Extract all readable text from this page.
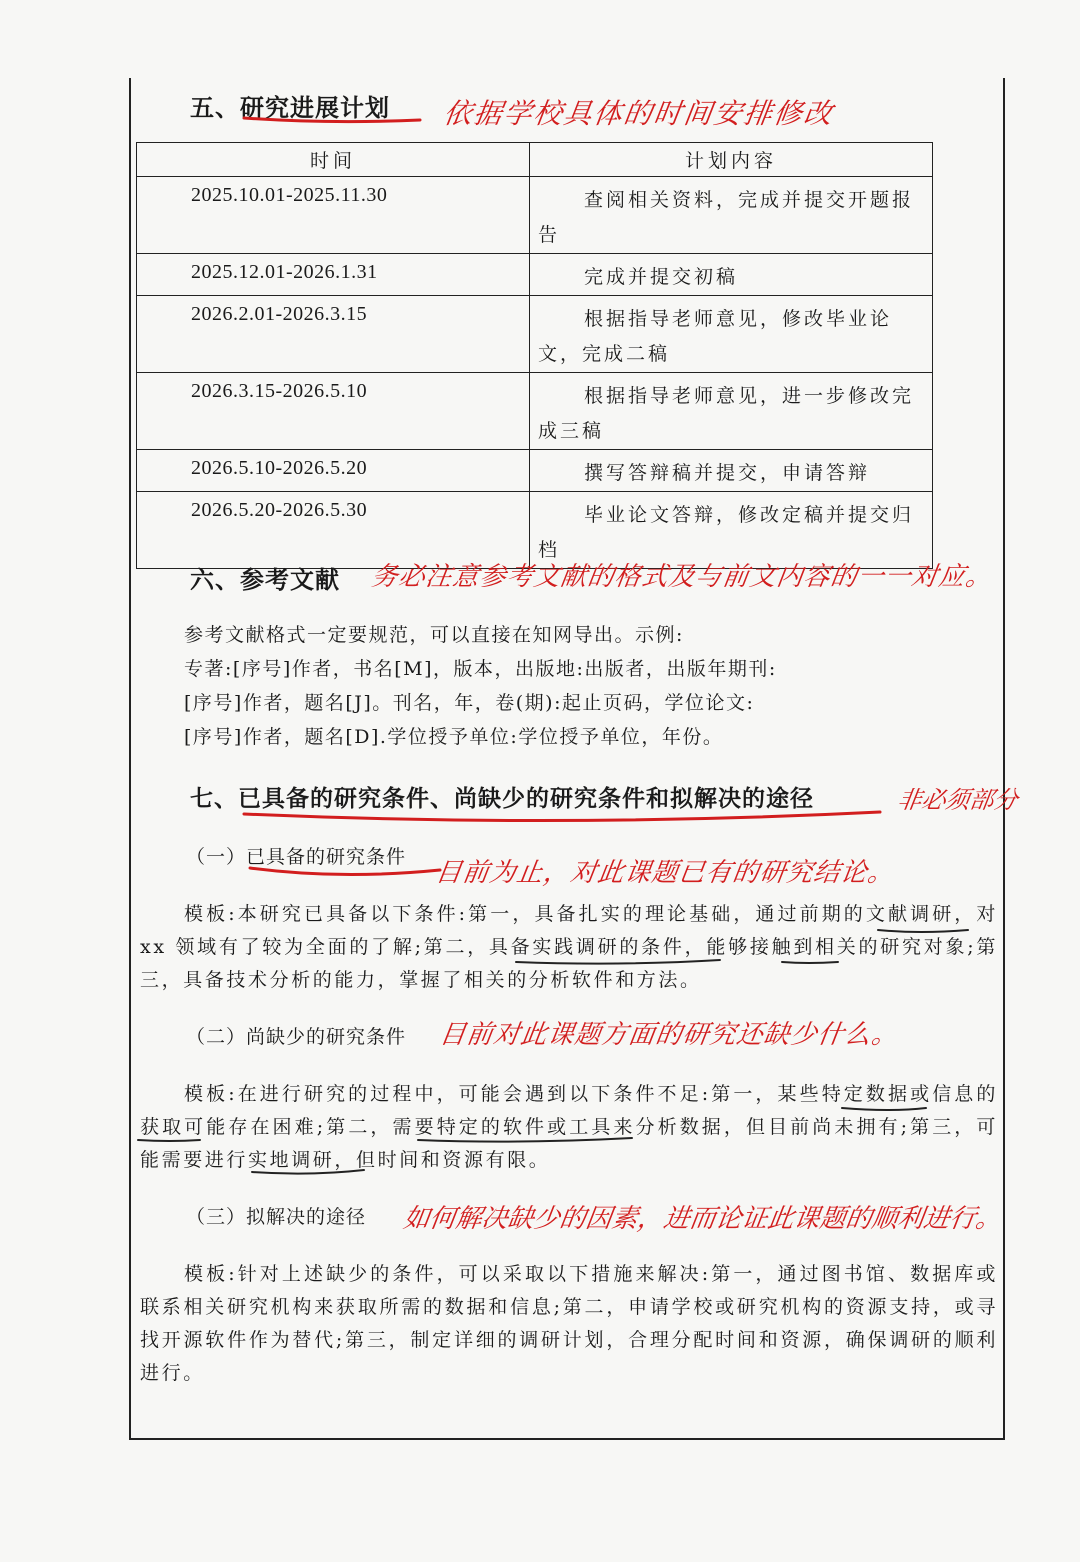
五、研究进展计划 依据学校具体的时间安排修改
时间	计划内容
2025.10.01-2025.11.30	查阅相关资料，完成并提交开题报告
2025.12.01-2026.1.31	完成并提交初稿
2026.2.01-2026.3.15	根据指导老师意见，修改毕业论文，完成二稿
2026.3.15-2026.5.10	根据指导老师意见，进一步修改完成三稿
2026.5.10-2026.5.20	撰写答辩稿并提交，申请答辩
2026.5.20-2026.5.30	毕业论文答辩，修改定稿并提交归档
六、参考文献 务必注意参考文献的格式及与前文内容的一一对应。
参考文献格式一定要规范，可以直接在知网导出。示例:
专著:[序号]作者，书名[M]，版本，出版地:出版者，出版年期刊:
[序号]作者，题名[J]。刊名，年，卷(期):起止页码，学位论文:
[序号]作者，题名[D].学位授予单位:学位授予单位，年份。
七、已具备的研究条件、尚缺少的研究条件和拟解决的途径	非必须部分
（一）已具备的研究条件
目前为止，对此课题已有的研究结论。

模板:本研究已具备以下条件:第一，具备扎实的理论基础，通过前期的文献调研，对 xx 领域有了较为全面的了解;第二，具备实践调研的条件，能够接触到相关的研究对象;第三，具备技术分析的能力，掌握了相关的分析软件和方法。

（二）尚缺少的研究条件 目前对此课题方面的研究还缺少什么。

模板:在进行研究的过程中，可能会遇到以下条件不足:第一，某些特定数据或信息的获取可能存在困难;第二，需要特定的软件或工具来分析数据，但目前尚未拥有;第三，可能需要进行实地调研，但时间和资源有限。

（三）拟解决的途径 如何解决缺少的因素，进而论证此课题的顺利进行。

模板:针对上述缺少的条件，可以采取以下措施来解决:第一，通过图书馆、数据库或联系相关研究机构来获取所需的数据和信息;第二，申请学校或研究机构的资源支持，或寻找开源软件作为替代;第三，制定详细的调研计划，合理分配时间和资源，确保调研的顺利进行。
